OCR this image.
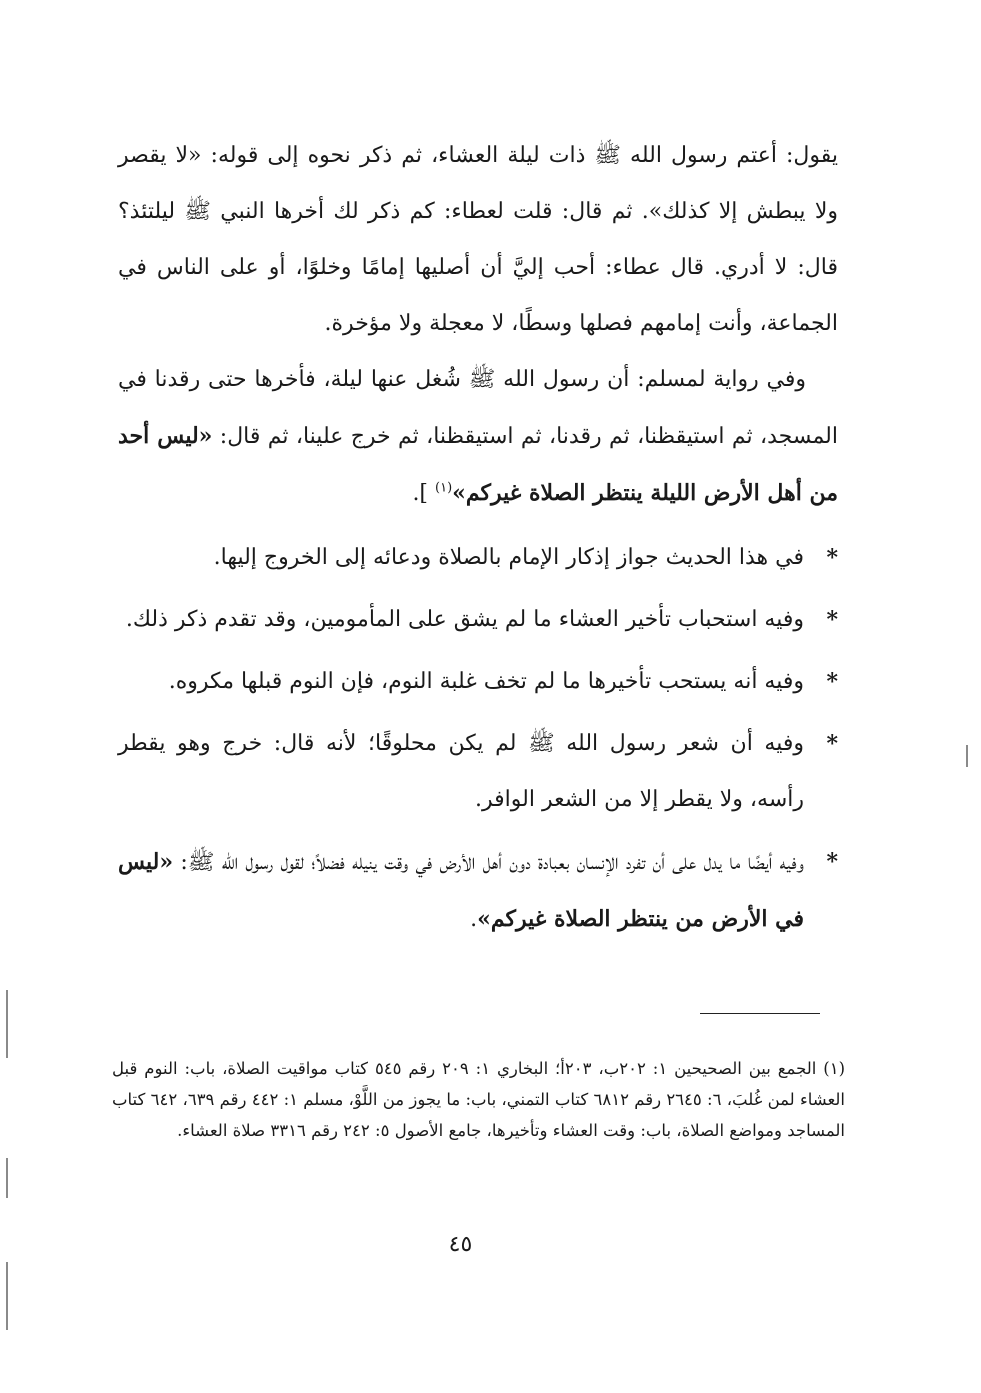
يقول: أعتم رسول الله ﷺ ذات ليلة العشاء، ثم ذكر نحوه إلى قوله: «لا يقصر ولا يبطش إلا كذلك». ثم قال: قلت لعطاء: كم ذكر لك أخرها النبي ﷺ ليلتئذ؟ قال: لا أدري. قال عطاء: أحب إليَّ أن أصليها إمامًا وخلوًا، أو على الناس في الجماعة، وأنت إمامهم فصلها وسطًا، لا معجلة ولا مؤخرة.

وفي رواية لمسلم: أن رسول الله ﷺ شُغل عنها ليلة، فأخرها حتى رقدنا في المسجد، ثم استيقظنا، ثم رقدنا، ثم استيقظنا، ثم خرج علينا، ثم قال: «ليس أحد من أهل الأرض الليلة ينتظر الصلاة غيركم»$^{(١)}$ ].

*
في هذا الحديث جواز إذكار الإمام بالصلاة ودعائه إلى الخروج إليها.

*
وفيه استحباب تأخير العشاء ما لم يشق على المأمومين، وقد تقدم ذكر ذلك.

*
وفيه أنه يستحب تأخيرها ما لم تخف غلبة النوم، فإن النوم قبلها مكروه.

*
وفيه أن شعر رسول الله ﷺ لم يكن محلوقًا؛ لأنه قال: خرج وهو يقطر رأسه، ولا يقطر إلا من الشعر الوافر.

*
وفيه أيضًا ما يدل على أن تفرد الإنسان بعبادة دون أهل الأرض في وقت ينيله فضلاً؛ لقول رسول الله ﷺ: «ليس في الأرض من ينتظر الصلاة غيركم».

(١) الجمع بين الصحيحين ١: ٢٠٢ب، ٢٠٣أ؛ البخاري ١: ٢٠٩ رقم ٥٤٥ كتاب مواقيت الصلاة، باب: النوم قبل العشاء لمن غُلبَ، ٦: ٢٦٤٥ رقم ٦٨١٢ كتاب التمني، باب: ما يجوز من اللَّوْ، مسلم ١: ٤٤٢ رقم ٦٣٩، ٦٤٢ كتاب المساجد ومواضع الصلاة، باب: وقت العشاء وتأخيرها، جامع الأصول ٥: ٢٤٢ رقم ٣٣١٦ صلاة العشاء.

٤٥
